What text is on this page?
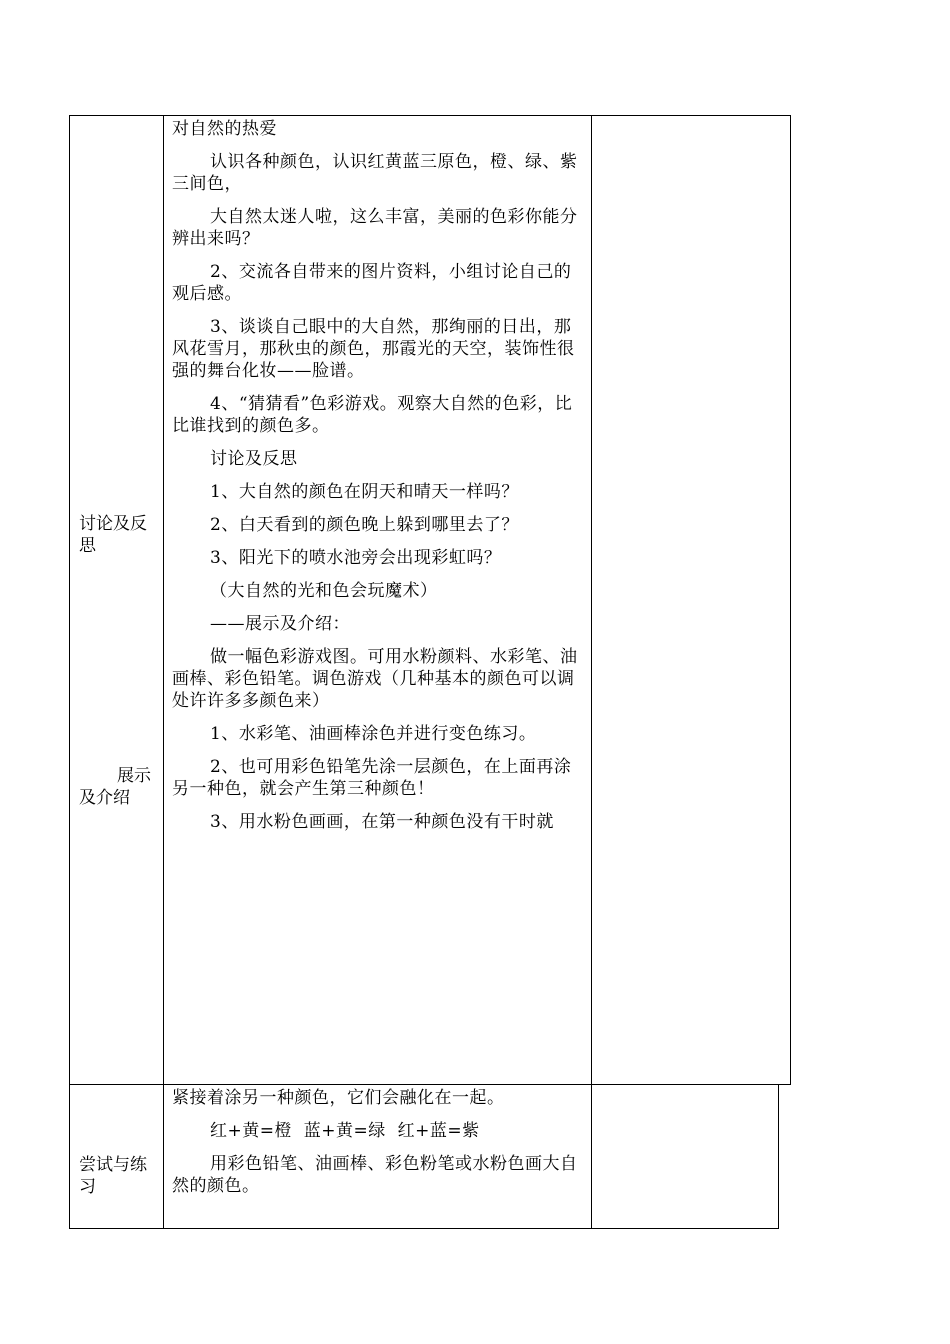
讨论及反思
展示及介绍

对自然的热爱

认识各种颜色，认识红黄蓝三原色，橙、绿、紫三间色，

大自然太迷人啦，这么丰富，美丽的色彩你能分辨出来吗？

2、交流各自带来的图片资料，小组讨论自己的观后感。

3、谈谈自己眼中的大自然，那绚丽的日出，那风花雪月，那秋虫的颜色，那霞光的天空，装饰性很强的舞台化妆——脸谱。

4、“猜猜看”色彩游戏。观察大自然的色彩，比比谁找到的颜色多。

讨论及反思

1、大自然的颜色在阴天和晴天一样吗？

2、白天看到的颜色晚上躲到哪里去了？

3、阳光下的喷水池旁会出现彩虹吗？

（大自然的光和色会玩魔术）

——展示及介绍：

做一幅色彩游戏图。可用水粉颜料、水彩笔、油画棒、彩色铅笔。调色游戏（几种基本的颜色可以调处许许多多颜色来）

1、水彩笔、油画棒涂色并进行变色练习。

2、也可用彩色铅笔先涂一层颜色，在上面再涂另一种色，就会产生第三种颜色！

3、用水粉色画画，在第一种颜色没有干时就

尝试与练习

紧接着涂另一种颜色，它们会融化在一起。

红+黄=橙  蓝+黄=绿  红+蓝=紫

用彩色铅笔、油画棒、彩色粉笔或水粉色画大自然的颜色。
